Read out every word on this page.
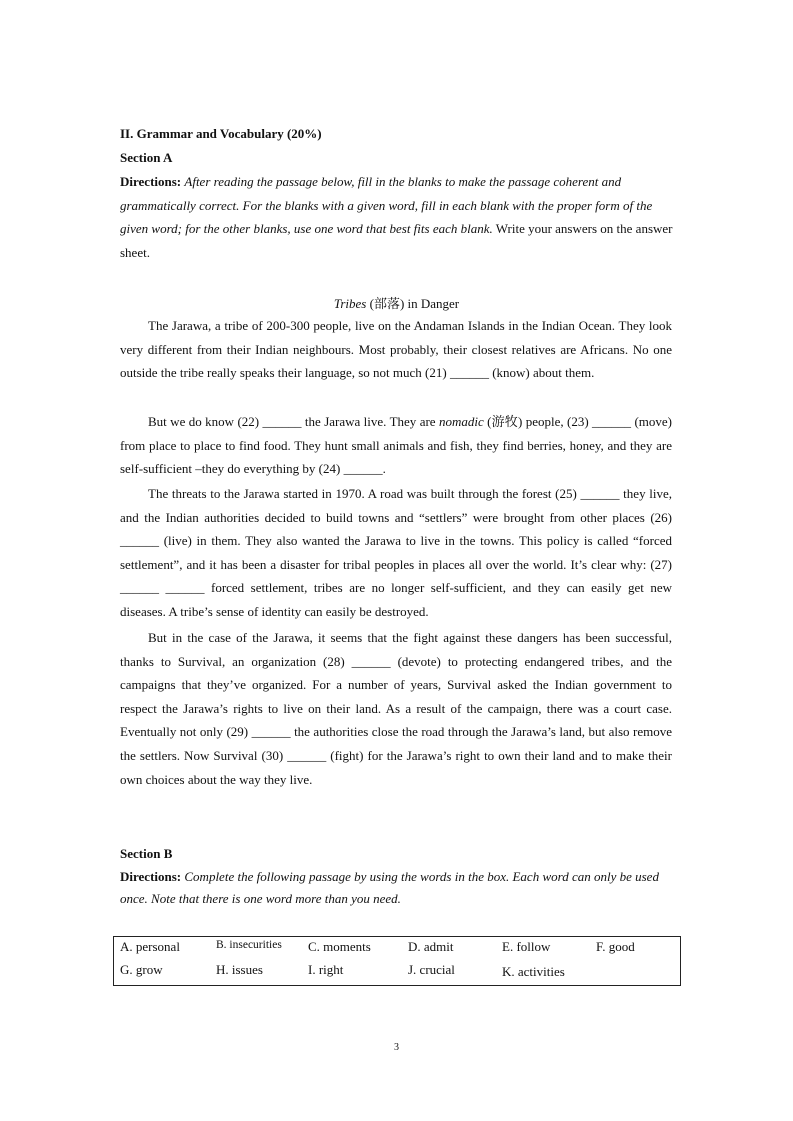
II. Grammar and Vocabulary (20%)
Section A
Directions: After reading the passage below, fill in the blanks to make the passage coherent and grammatically correct. For the blanks with a given word, fill in each blank with the proper form of the given word; for the other blanks, use one word that best fits each blank. Write your answers on the answer sheet.
Tribes (部落) in Danger

The Jarawa, a tribe of 200-300 people, live on the Andaman Islands in the Indian Ocean. They look very different from their Indian neighbours. Most probably, their closest relatives are Africans. No one outside the tribe really speaks their language, so not much (21) ______ (know) about them.

But we do know (22) ______ the Jarawa live. They are nomadic (游牧) people, (23) ______ (move) from place to place to find food. They hunt small animals and fish, they find berries, honey, and they are self-sufficient –they do everything by (24) ______.

The threats to the Jarawa started in 1970. A road was built through the forest (25) ______ they live, and the Indian authorities decided to build towns and “settlers” were brought from other places (26) ______ (live) in them. They also wanted the Jarawa to live in the towns. This policy is called “forced settlement”, and it has been a disaster for tribal peoples in places all over the world. It’s clear why: (27) ______ ______ forced settlement, tribes are no longer self-sufficient, and they can easily get new diseases. A tribe’s sense of identity can easily be destroyed.

But in the case of the Jarawa, it seems that the fight against these dangers has been successful, thanks to Survival, an organization (28) ______ (devote) to protecting endangered tribes, and the campaigns that they’ve organized. For a number of years, Survival asked the Indian government to respect the Jarawa’s rights to live on their land. As a result of the campaign, there was a court case. Eventually not only (29) ______ the authorities close the road through the Jarawa’s land, but also remove the settlers. Now Survival (30) ______ (fight) for the Jarawa’s right to own their land and to make their own choices about the way they live.

Section B
Directions: Complete the following passage by using the words in the box. Each word can only be used once. Note that there is one word more than you need.
A. personal	B. insecurities	C. moments	D. admit	E. follow	F. good
G. grow	H. issues	I. right	J. crucial	K. activities	
3
